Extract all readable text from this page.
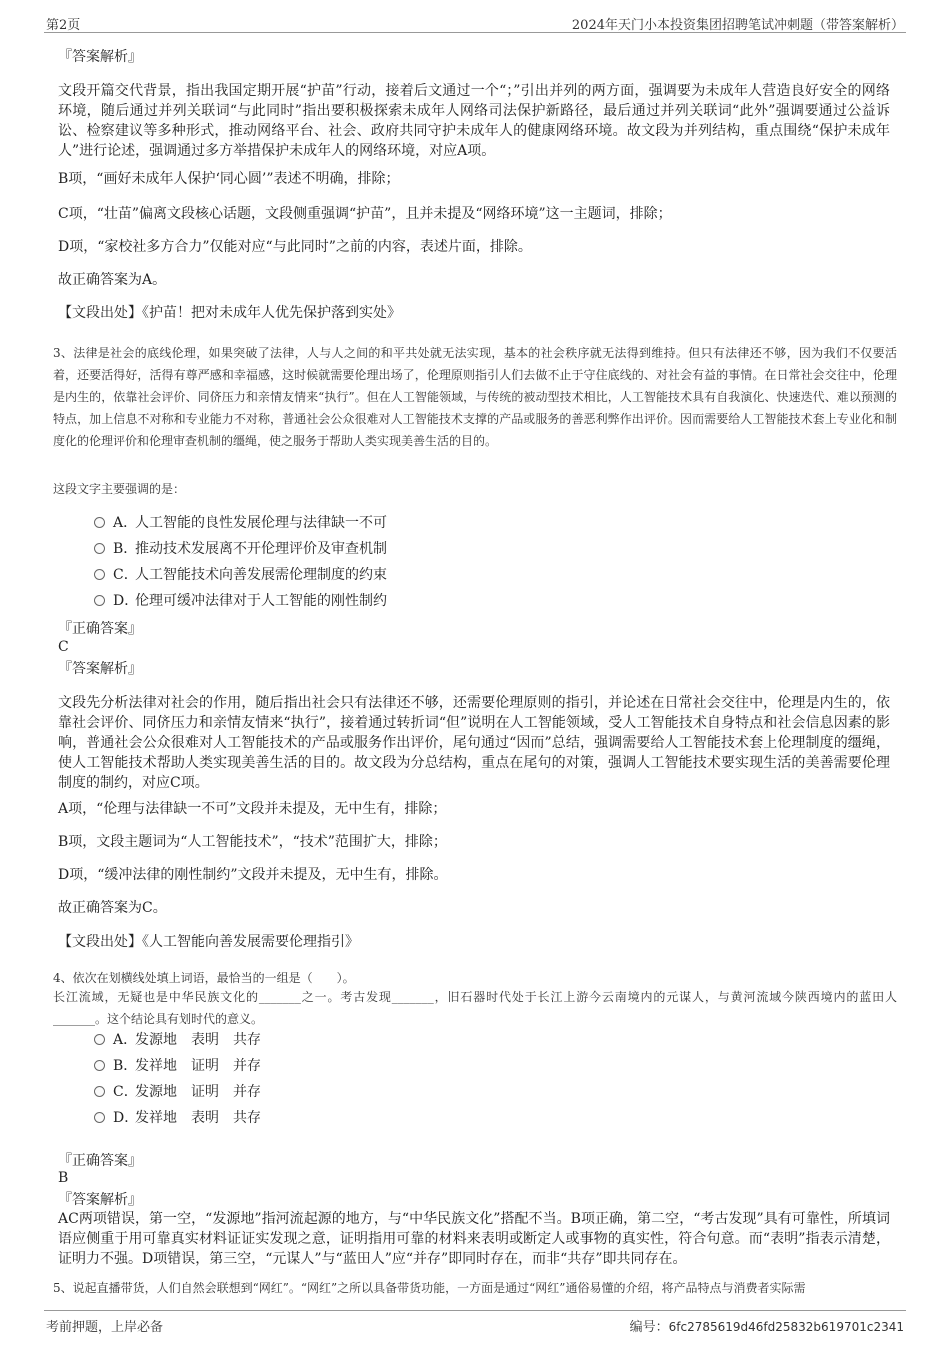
第2页	2024年天门小本投资集团招聘笔试冲刺题（带答案解析）

『答案解析』

文段开篇交代背景，指出我国定期开展“护苗”行动，接着后文通过一个“；”引出并列的两方面，强调要为未成年人营造良好安全的网络环境，随后通过并列关联词“与此同时”指出要积极探索未成年人网络司法保护新路径，最后通过并列关联词“此外”强调要通过公益诉讼、检察建议等多种形式，推动网络平台、社会、政府共同守护未成年人的健康网络环境。故文段为并列结构，重点围绕“保护未成年人”进行论述，强调通过多方举措保护未成年人的网络环境，对应A项。

B项，“画好未成年人保护‘同心圆’”表述不明确，排除；

C项，“壮苗”偏离文段核心话题，文段侧重强调“护苗”，且并未提及“网络环境”这一主题词，排除；

D项，“家校社多方合力”仅能对应“与此同时”之前的内容，表述片面，排除。

故正确答案为A。

【文段出处】《护苗！把对未成年人优先保护落到实处》

3、法律是社会的底线伦理，如果突破了法律，人与人之间的和平共处就无法实现，基本的社会秩序就无法得到维持。但只有法律还不够，因为我们不仅要活着，还要活得好，活得有尊严感和幸福感，这时候就需要伦理出场了，伦理原则指引人们去做不止于守住底线的、对社会有益的事情。在日常社会交往中，伦理是内生的，依靠社会评价、同侪压力和亲情友情来“执行”。但在人工智能领域，与传统的被动型技术相比，人工智能技术具有自我演化、快速迭代、难以预测的特点，加上信息不对称和专业能力不对称，普通社会公众很难对人工智能技术支撑的产品或服务的善恶利弊作出评价。因而需要给人工智能技术套上专业化和制度化的伦理评价和伦理审查机制的缰绳，使之服务于帮助人类实现美善生活的目的。

这段文字主要强调的是：

A．人工智能的良性发展伦理与法律缺一不可
B．推动技术发展离不开伦理评价及审查机制
C．人工智能技术向善发展需伦理制度的约束
D．伦理可缓冲法律对于人工智能的刚性制约

『正确答案』

C

『答案解析』

文段先分析法律对社会的作用，随后指出社会只有法律还不够，还需要伦理原则的指引，并论述在日常社会交往中，伦理是内生的，依靠社会评价、同侪压力和亲情友情来“执行”，接着通过转折词“但”说明在人工智能领域，受人工智能技术自身特点和社会信息因素的影响，普通社会公众很难对人工智能技术的产品或服务作出评价，尾句通过“因而”总结，强调需要给人工智能技术套上伦理制度的缰绳，使人工智能技术帮助人类实现美善生活的目的。故文段为分总结构，重点在尾句的对策，强调人工智能技术要实现生活的美善需要伦理制度的制约，对应C项。

A项，“伦理与法律缺一不可”文段并未提及，无中生有，排除；

B项，文段主题词为“人工智能技术”，“技术”范围扩大，排除；

D项，“缓冲法律的刚性制约”文段并未提及，无中生有，排除。

故正确答案为C。

【文段出处】《人工智能向善发展需要伦理指引》

4、依次在划横线处填上词语，最恰当的一组是（　　）。

长江流域，无疑也是中华民族文化的_______之一。考古发现_______，旧石器时代处于长江上游今云南境内的元谋人，与黄河流域今陕西境内的蓝田人_______。这个结论具有划时代的意义。

A．发源地 表明 共存
B．发祥地 证明 并存
C．发源地 证明 并存
D．发祥地 表明 共存

『正确答案』

B

『答案解析』

AC两项错误，第一空，“发源地”指河流起源的地方，与“中华民族文化”搭配不当。B项正确，第二空，“考古发现”具有可靠性，所填词语应侧重于用可靠真实材料证证实发现之意，证明指用可靠的材料来表明或断定人或事物的真实性，符合句意。而“表明”指表示清楚，证明力不强。D项错误，第三空，“元谋人”与“蓝田人”应“并存”即同时存在，而非“共存”即共同存在。

5、说起直播带货，人们自然会联想到“网红”。“网红”之所以具备带货功能，一方面是通过“网红”通俗易懂的介绍，将产品特点与消费者实际需

考前押题，上岸必备	编号：6fc2785619d46fd25832b619701c2341
